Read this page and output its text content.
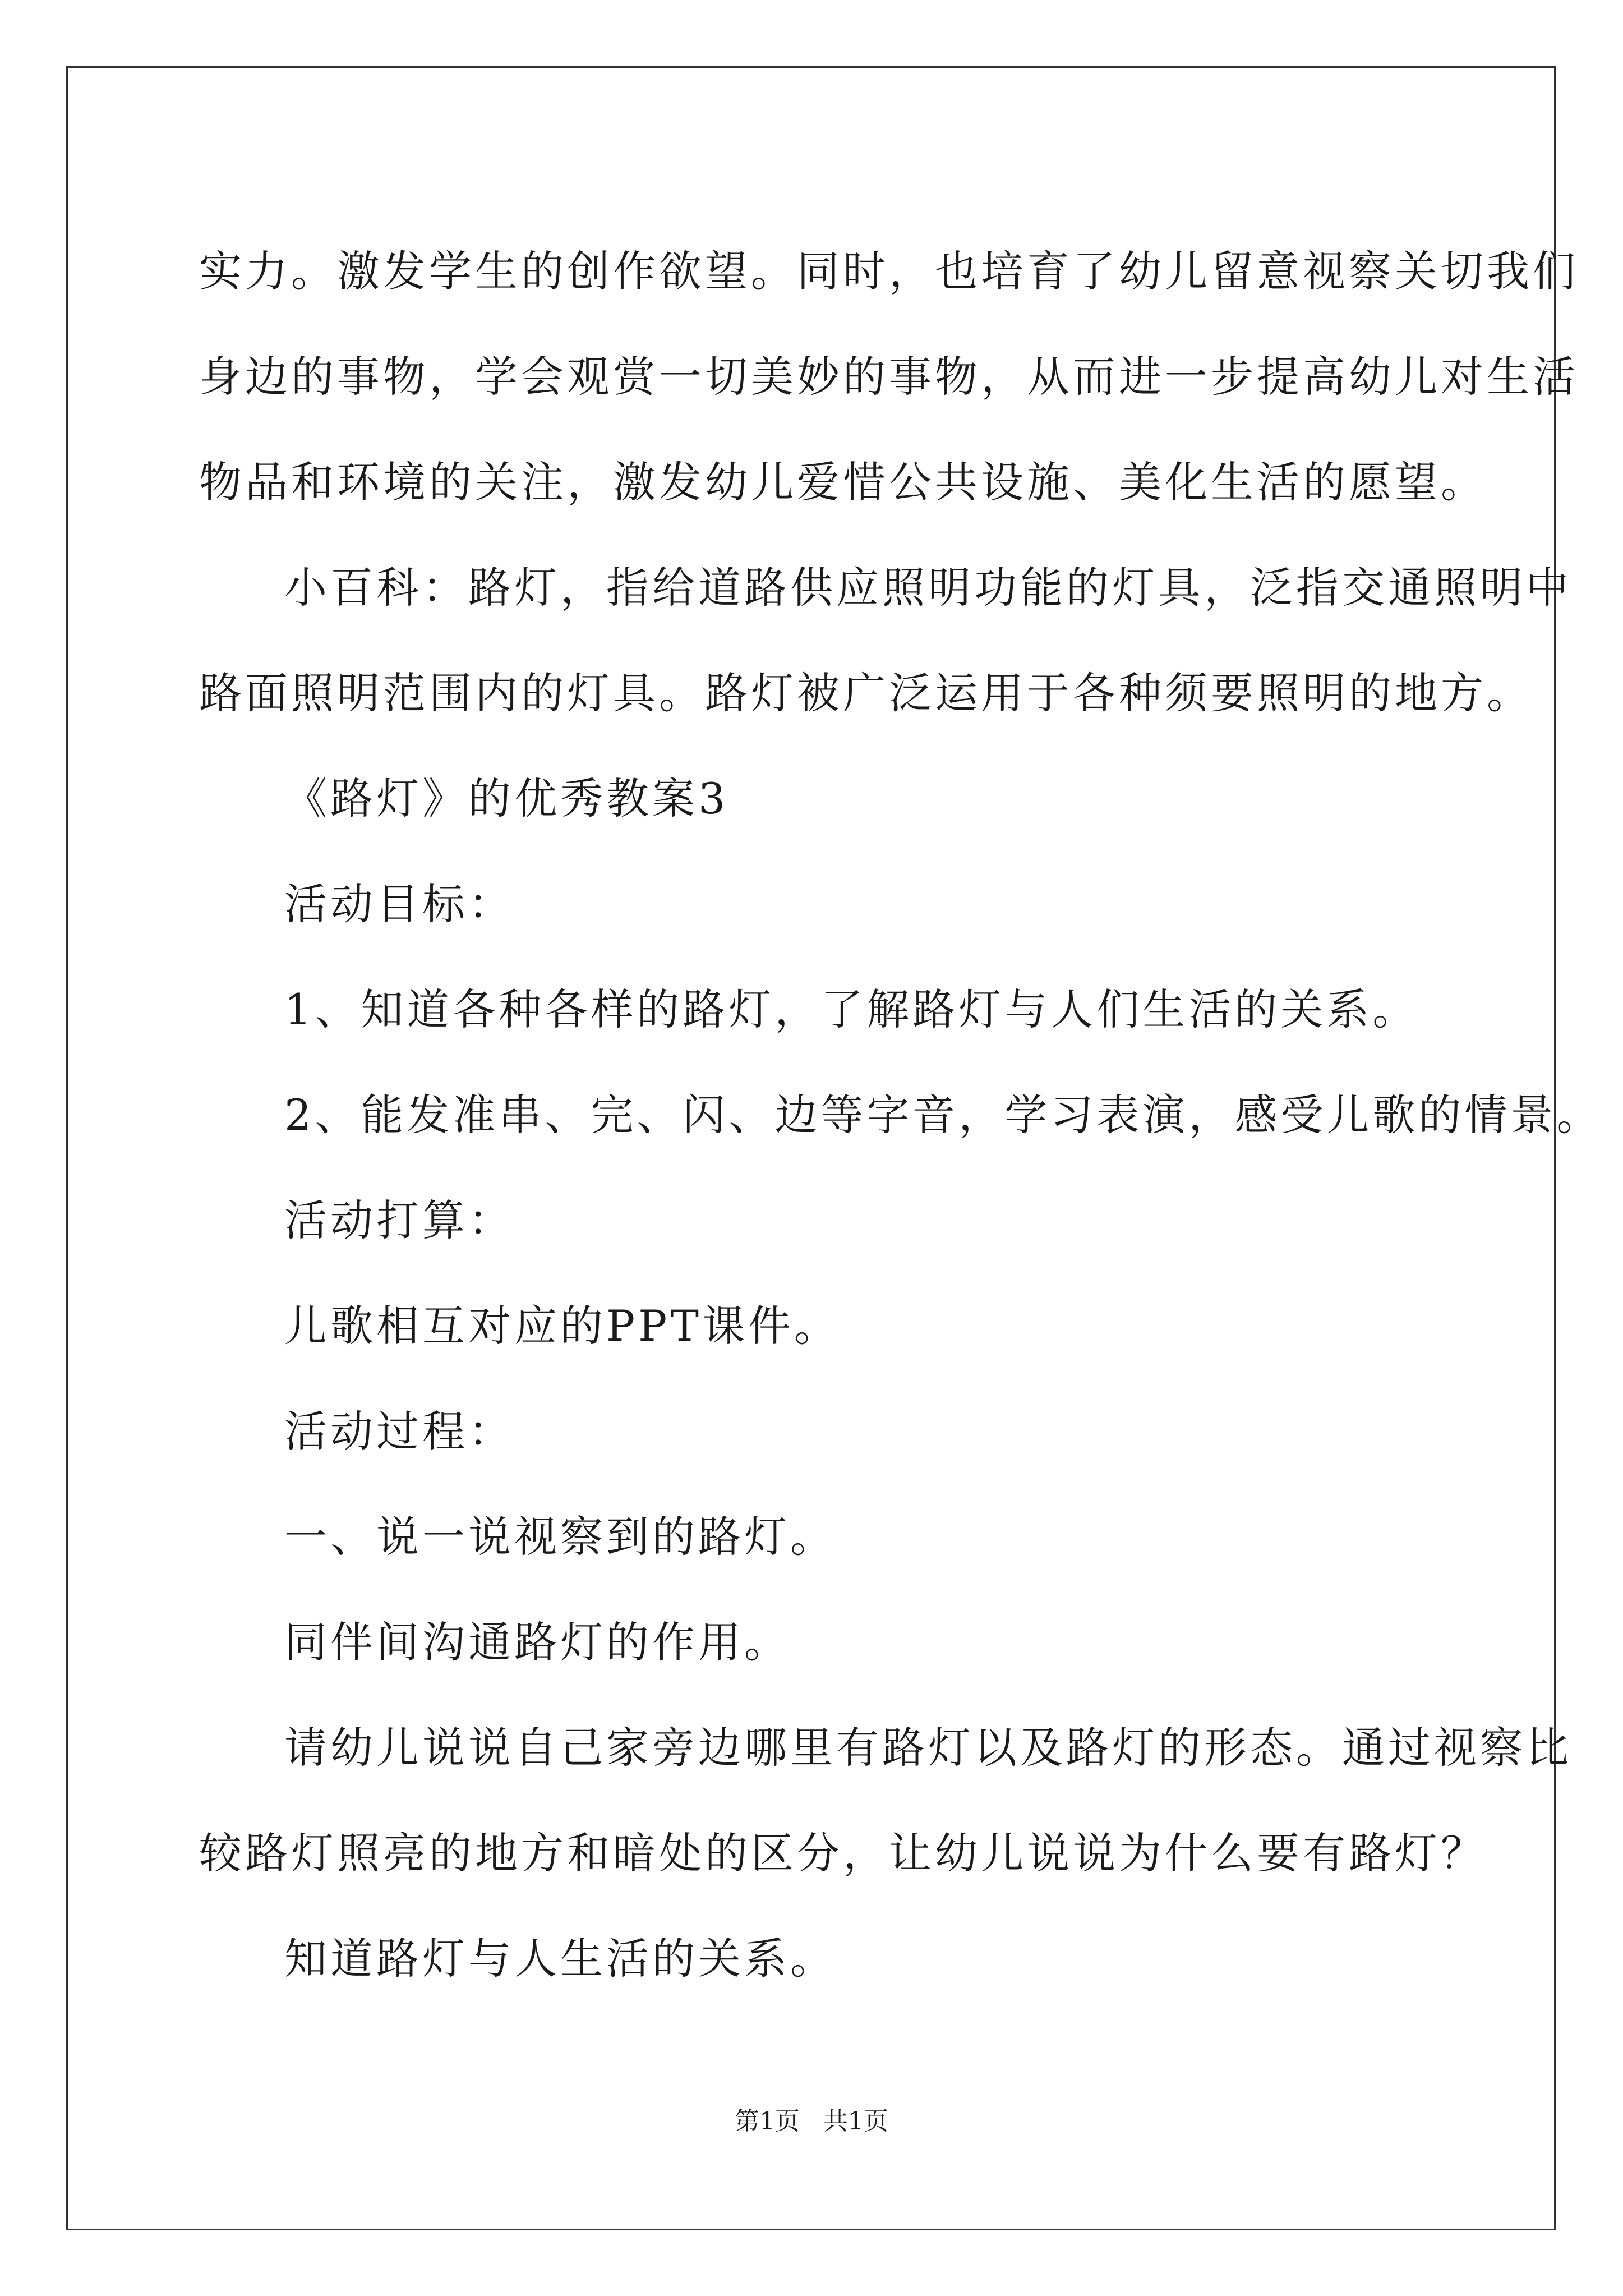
实力。激发学生的创作欲望。同时，也培育了幼儿留意视察关切我们

身边的事物，学会观赏一切美妙的事物，从而进一步提高幼儿对生活

物品和环境的关注，激发幼儿爱惜公共设施、美化生活的愿望。

小百科：路灯，指给道路供应照明功能的灯具，泛指交通照明中

路面照明范围内的灯具。路灯被广泛运用于各种须要照明的地方。

《路灯》的优秀教案3

活动目标：

1、知道各种各样的路灯，了解路灯与人们生活的关系。

2、能发准串、完、闪、边等字音，学习表演，感受儿歌的情景。

活动打算：

儿歌相互对应的PPT课件。

活动过程：

一、说一说视察到的路灯。

同伴间沟通路灯的作用。

请幼儿说说自己家旁边哪里有路灯以及路灯的形态。通过视察比

较路灯照亮的地方和暗处的区分，让幼儿说说为什么要有路灯？

知道路灯与人生活的关系。

第1页   共1页
